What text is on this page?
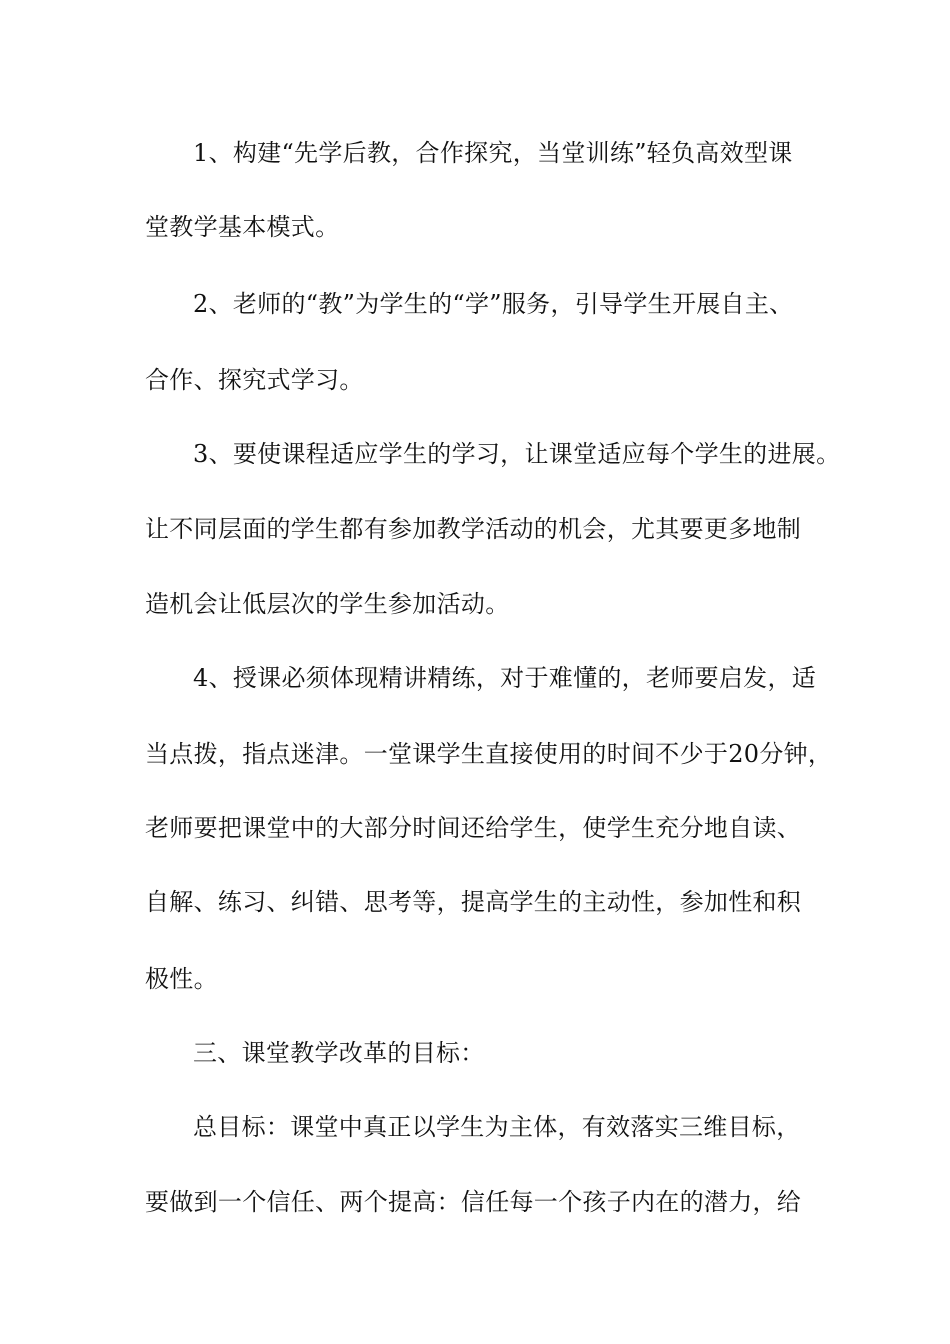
1、构建“先学后教，合作探究，当堂训练”轻负高效型课

堂教学基本模式。

2、老师的“教”为学生的“学”服务，引导学生开展自主、

合作、探究式学习。

3、要使课程适应学生的学习，让课堂适应每个学生的进展。

让不同层面的学生都有参加教学活动的机会，尤其要更多地制

造机会让低层次的学生参加活动。

4、授课必须体现精讲精练，对于难懂的，老师要启发，适

当点拨，指点迷津。一堂课学生直接使用的时间不少于20分钟，

老师要把课堂中的大部分时间还给学生，使学生充分地自读、

自解、练习、纠错、思考等，提高学生的主动性，参加性和积

极性。

三、课堂教学改革的目标：

总目标：课堂中真正以学生为主体，有效落实三维目标，

要做到一个信任、两个提高：信任每一个孩子内在的潜力，给
